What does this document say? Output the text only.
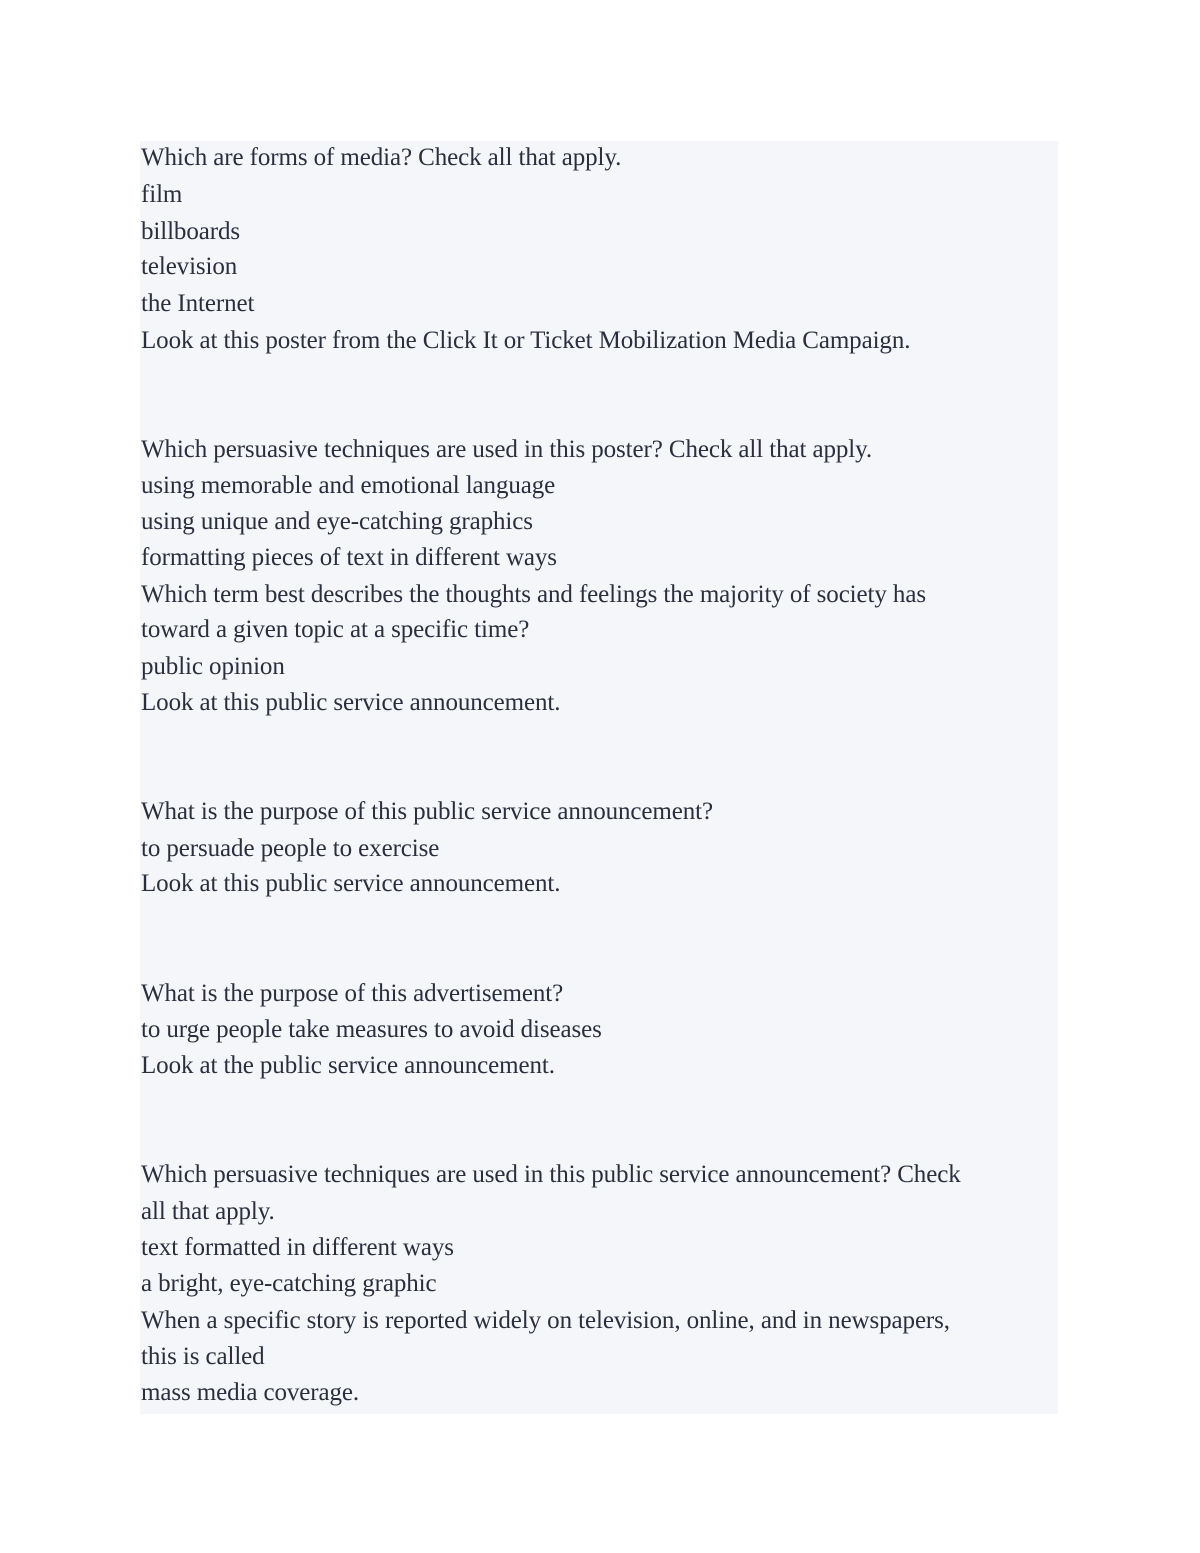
Which are forms of media? Check all that apply.
film
billboards
television
the Internet
Look at this poster from the Click It or Ticket Mobilization Media Campaign.
Which persuasive techniques are used in this poster? Check all that apply.
using memorable and emotional language
using unique and eye-catching graphics
formatting pieces of text in different ways
Which term best describes the thoughts and feelings the majority of society has
toward a given topic at a specific time?
public opinion
Look at this public service announcement.
What is the purpose of this public service announcement?
to persuade people to exercise
Look at this public service announcement.
What is the purpose of this advertisement?
to urge people take measures to avoid diseases
Look at the public service announcement.
Which persuasive techniques are used in this public service announcement? Check
all that apply.
text formatted in different ways
a bright, eye-catching graphic
When a specific story is reported widely on television, online, and in newspapers,
this is called
mass media coverage.
